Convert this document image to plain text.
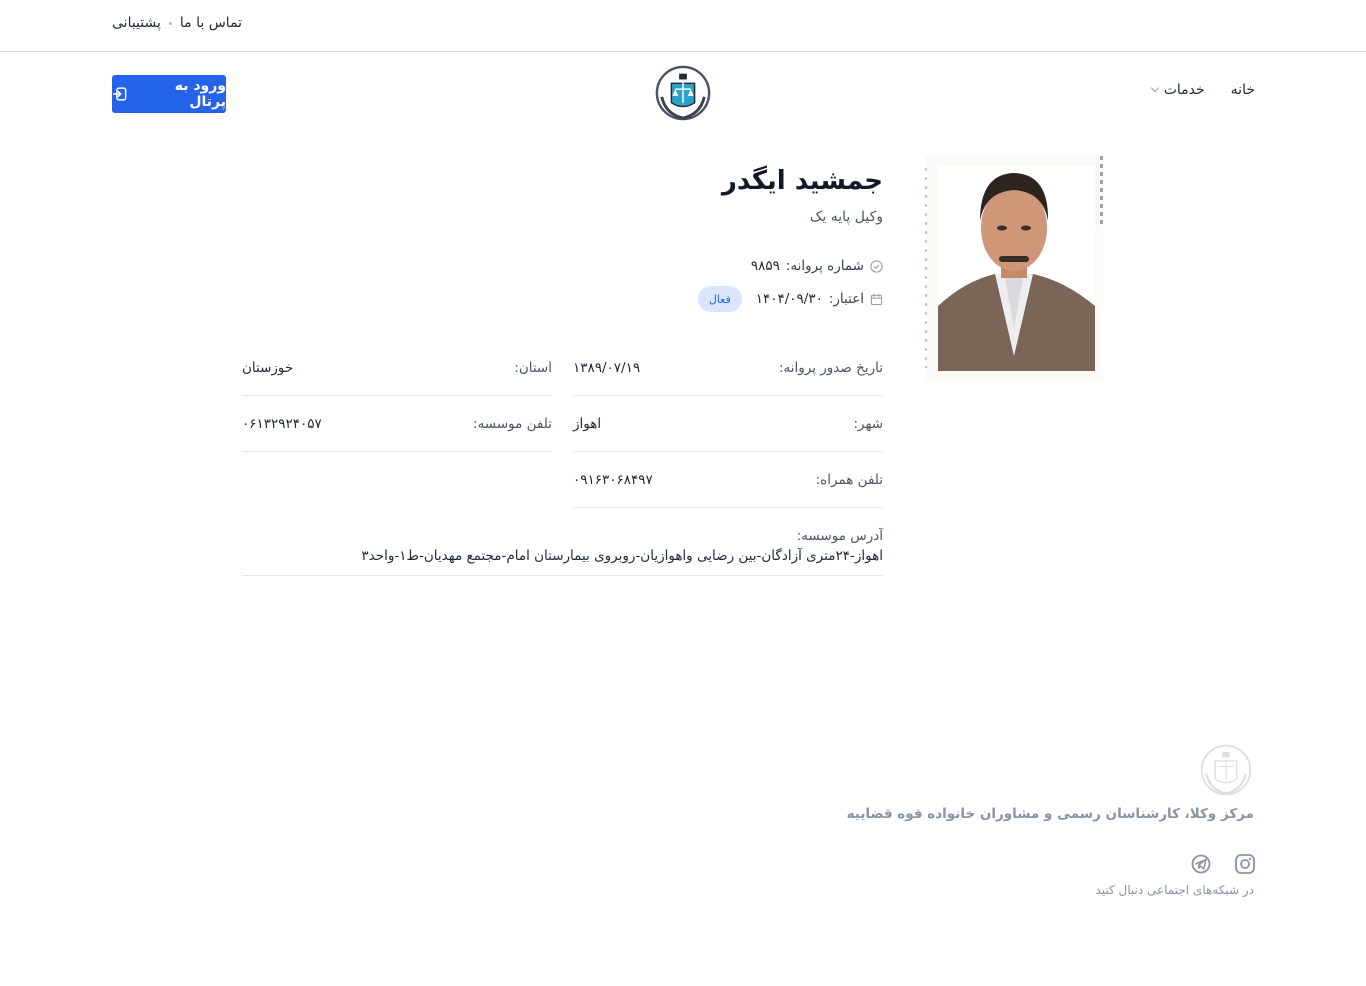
پشتیبانی تماس با ما
خانه
خدمات
ورود به پرتال
جمشید ایگدر
وکیل پایه یک
شماره پروانه:
۹۸۵۹
اعتبار:
۱۴۰۴/۰۹/۳۰
فعال
تاریخ صدور پروانه:
۱۳۸۹/۰۷/۱۹
استان:
خوزستان
شهر:
اهواز
تلفن موسسه:
۰۶۱۳۲۹۲۴۰۵۷
تلفن همراه:
۰۹۱۶۳۰۶۸۴۹۷
آدرس موسسه:
اهواز-۲۴متری آزادگان-بین رضایی واهوازیان-روبروی بیمارستان امام-مجتمع مهدیان-ط۱-واحد۳
مرکز وکلا، کارشناسان رسمی و مشاوران خانواده قوه قضاییه
در شبکه‌های اجتماعی دنبال کنید
